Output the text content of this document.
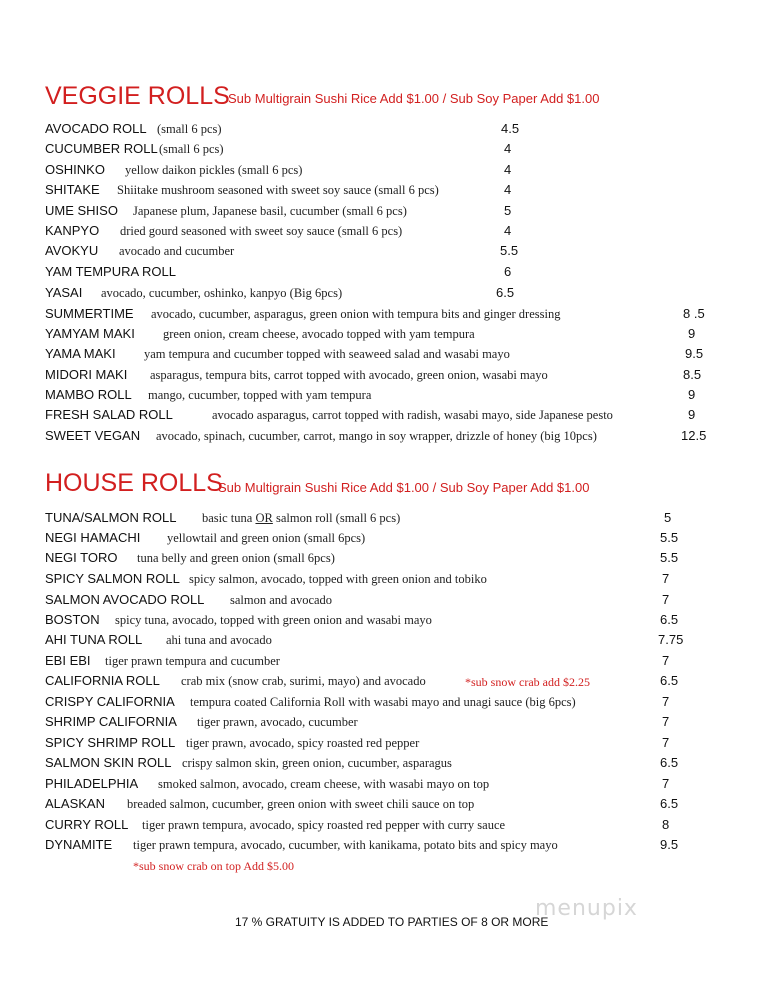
VEGGIE ROLLS
Sub Multigrain Sushi Rice Add $1.00 / Sub Soy Paper Add $1.00
AVOCADO ROLL (small 6 pcs)	4.5
CUCUMBER ROLL (small 6 pcs)	4
OSHINKO yellow daikon pickles (small 6 pcs)	4
SHITAKE Shiitake mushroom seasoned with sweet soy sauce (small 6 pcs)	4
UME SHISO Japanese plum, Japanese basil, cucumber (small 6 pcs)	5
KANPYO dried gourd seasoned with sweet soy sauce (small 6 pcs)	4
AVOKYU avocado and cucumber	5.5
YAM TEMPURA ROLL	6
YASAI avocado, cucumber, oshinko, kanpyo (Big 6pcs)	6.5
SUMMERTIME avocado, cucumber, asparagus, green onion with tempura bits and ginger dressing	8 .5
YAMYAM MAKI green onion, cream cheese, avocado topped with yam tempura	9
YAMA MAKI yam tempura and cucumber topped with seaweed salad and wasabi mayo	9.5
MIDORI MAKI asparagus, tempura bits, carrot topped with avocado, green onion, wasabi mayo	8.5
MAMBO ROLL mango, cucumber, topped with yam tempura	9
FRESH SALAD ROLL	avocado asparagus, carrot topped with radish, wasabi mayo, side Japanese pesto	9
SWEET VEGAN avocado, spinach, cucumber, carrot, mango in soy wrapper, drizzle of honey (big 10pcs)	12.5
HOUSE ROLLS
Sub Multigrain Sushi Rice Add $1.00 / Sub Soy Paper Add $1.00
TUNA/SALMON ROLL basic tuna OR salmon roll (small 6 pcs)	5
NEGI HAMACHI yellowtail and green onion (small 6pcs)	5.5
NEGI TORO tuna belly and green onion (small 6pcs)	5.5
SPICY SALMON ROLL spicy salmon, avocado, topped with green onion and tobiko	7
SALMON AVOCADO ROLL salmon and avocado	7
BOSTON spicy tuna, avocado, topped with green onion and wasabi mayo	6.5
AHI TUNA ROLL ahi tuna and avocado	7.75
EBI EBI tiger prawn tempura and cucumber	7
CALIFORNIA ROLL crab mix (snow crab, surimi, mayo) and avocado	*sub snow crab add $2.25	6.5
CRISPY CALIFORNIA tempura coated California Roll with wasabi mayo and unagi sauce (big 6pcs)	7
SHRIMP CALIFORNIA tiger prawn, avocado, cucumber	7
SPICY SHRIMP ROLL tiger prawn, avocado, spicy roasted red pepper	7
SALMON SKIN ROLL crispy salmon skin, green onion, cucumber, asparagus	6.5
PHILADELPHIA smoked salmon, avocado, cream cheese, with wasabi mayo on top	7
ALASKAN breaded salmon, cucumber, green onion with sweet chili sauce on top	6.5
CURRY ROLL tiger prawn tempura, avocado, spicy roasted red pepper with curry sauce	8
DYNAMITE tiger prawn tempura, avocado, cucumber, with kanikama, potato bits and spicy mayo	9.5
*sub snow crab on top Add $5.00
17 % GRATUITY IS ADDED TO PARTIES OF 8 OR MORE
menupix
